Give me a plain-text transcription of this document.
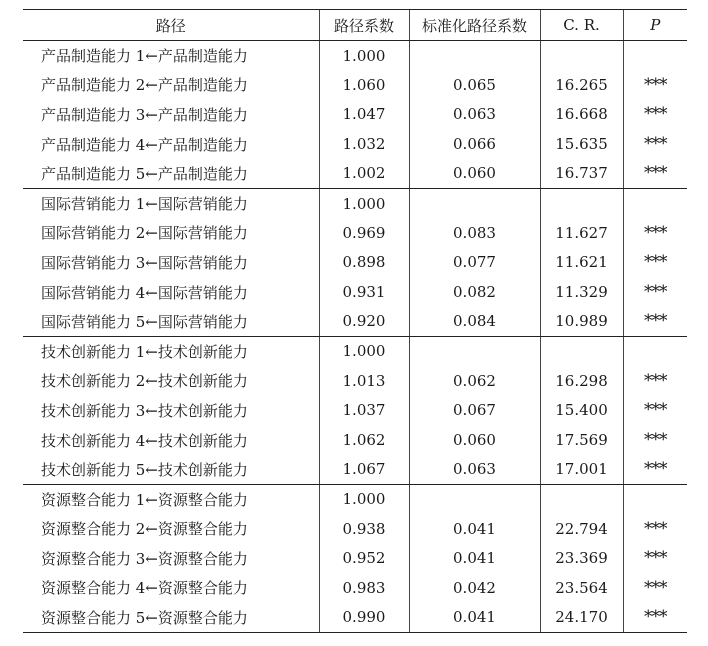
路径	路径系数	标准化路径系数	C. R.	P
产品制造能力 1←产品制造能力	1.000			
产品制造能力 2←产品制造能力	1.060	0.065	16.265	***
产品制造能力 3←产品制造能力	1.047	0.063	16.668	***
产品制造能力 4←产品制造能力	1.032	0.066	15.635	***
产品制造能力 5←产品制造能力	1.002	0.060	16.737	***
国际营销能力 1←国际营销能力	1.000			
国际营销能力 2←国际营销能力	0.969	0.083	11.627	***
国际营销能力 3←国际营销能力	0.898	0.077	11.621	***
国际营销能力 4←国际营销能力	0.931	0.082	11.329	***
国际营销能力 5←国际营销能力	0.920	0.084	10.989	***
技术创新能力 1←技术创新能力	1.000			
技术创新能力 2←技术创新能力	1.013	0.062	16.298	***
技术创新能力 3←技术创新能力	1.037	0.067	15.400	***
技术创新能力 4←技术创新能力	1.062	0.060	17.569	***
技术创新能力 5←技术创新能力	1.067	0.063	17.001	***
资源整合能力 1←资源整合能力	1.000			
资源整合能力 2←资源整合能力	0.938	0.041	22.794	***
资源整合能力 3←资源整合能力	0.952	0.041	23.369	***
资源整合能力 4←资源整合能力	0.983	0.042	23.564	***
资源整合能力 5←资源整合能力	0.990	0.041	24.170	***
